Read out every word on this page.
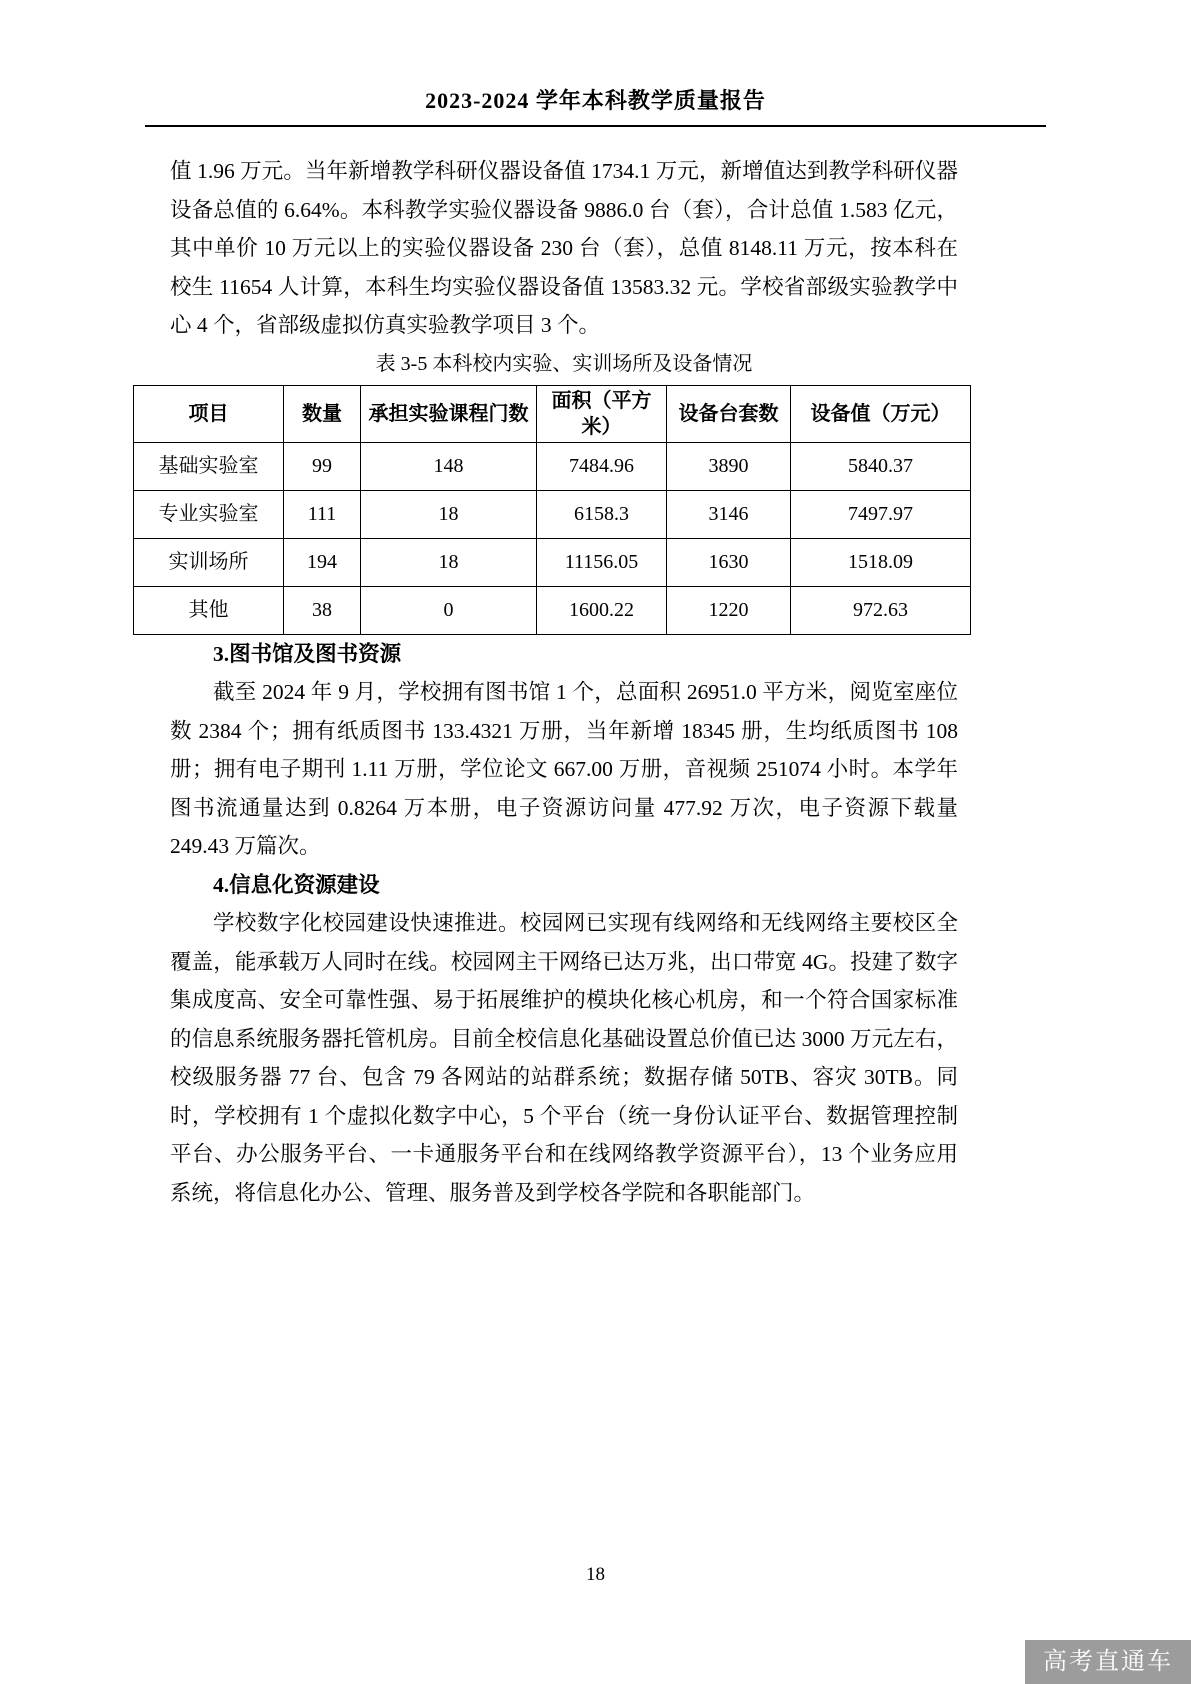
2023-2024 学年本科教学质量报告

值 1.96 万元。当年新增教学科研仪器设备值 1734.1 万元，新增值达到教学科研仪器设备总值的 6.64%。本科教学实验仪器设备 9886.0 台（套），合计总值 1.583 亿元，其中单价 10 万元以上的实验仪器设备 230 台（套），总值 8148.11 万元，按本科在校生 11654 人计算，本科生均实验仪器设备值 13583.32 元。学校省部级实验教学中心 4 个，省部级虚拟仿真实验教学项目 3 个。

表 3-5 本科校内实验、实训场所及设备情况
项目	数量	承担实验课程门数	面积（平方米）	设备台套数	设备值（万元）
基础实验室	99	148	7484.96	3890	5840.37
专业实验室	111	18	6158.3	3146	7497.97
实训场所	194	18	11156.05	1630	1518.09
其他	38	0	1600.22	1220	972.63
3.图书馆及图书资源

截至 2024 年 9 月，学校拥有图书馆 1 个，总面积 26951.0 平方米，阅览室座位数 2384 个；拥有纸质图书 133.4321 万册，当年新增 18345 册，生均纸质图书 108 册；拥有电子期刊 1.11 万册，学位论文 667.00 万册，音视频 251074 小时。本学年图书流通量达到 0.8264 万本册，电子资源访问量 477.92 万次，电子资源下载量 249.43 万篇次。

4.信息化资源建设

学校数字化校园建设快速推进。校园网已实现有线网络和无线网络主要校区全覆盖，能承载万人同时在线。校园网主干网络已达万兆，出口带宽 4G。投建了数字集成度高、安全可靠性强、易于拓展维护的模块化核心机房，和一个符合国家标准的信息系统服务器托管机房。目前全校信息化基础设置总价值已达 3000 万元左右，校级服务器 77 台、包含 79 各网站的站群系统；数据存储 50TB、容灾 30TB。同时，学校拥有 1 个虚拟化数字中心，5 个平台（统一身份认证平台、数据管理控制平台、办公服务平台、一卡通服务平台和在线网络教学资源平台），13 个业务应用系统，将信息化办公、管理、服务普及到学校各学院和各职能部门。

18
高考直通车
